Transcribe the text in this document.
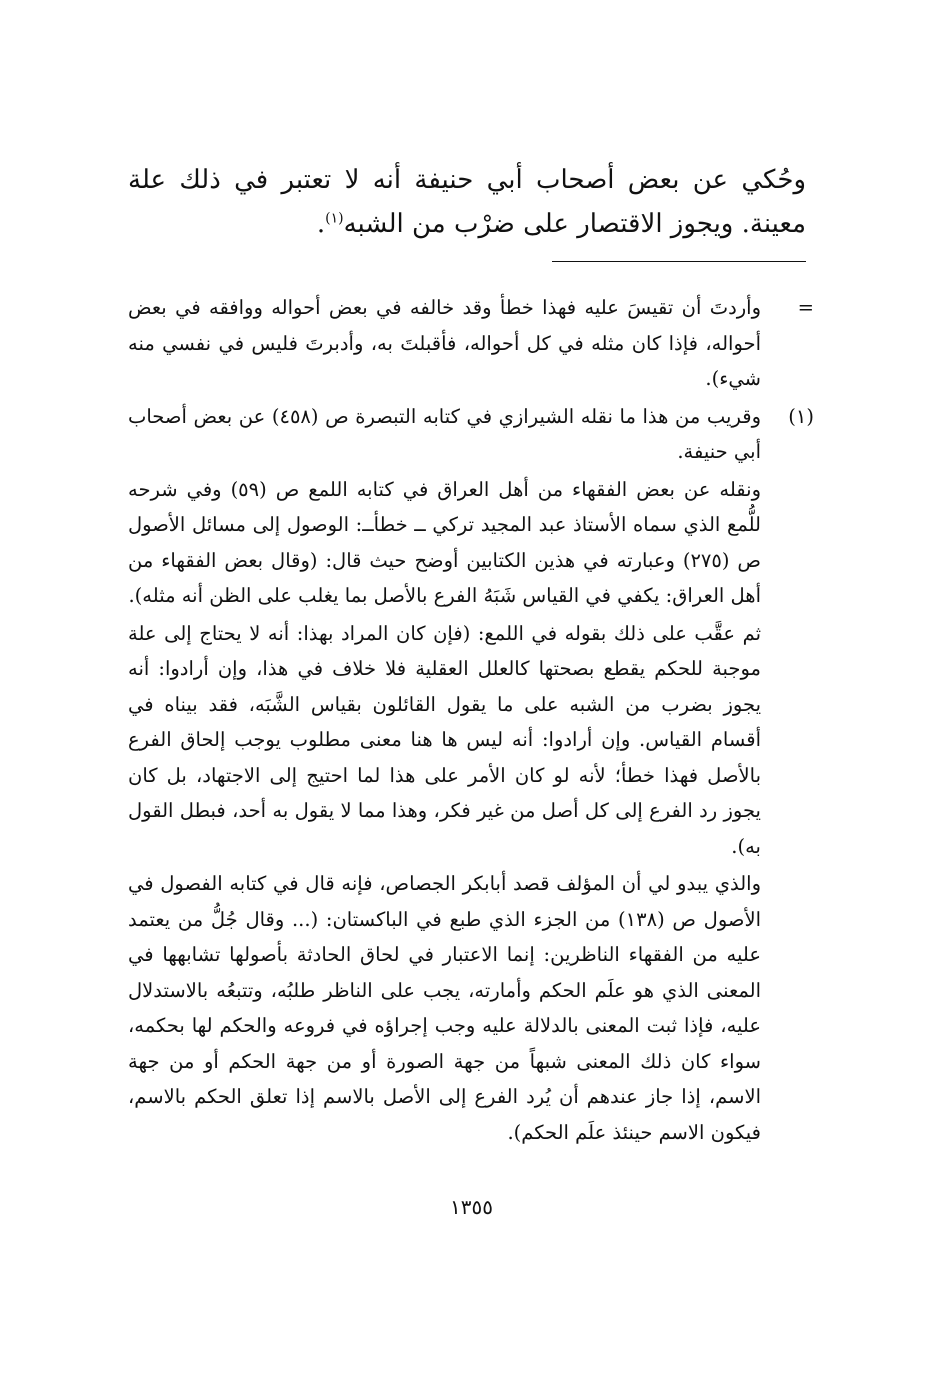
وحُكي عن بعض أصحاب أبي حنيفة أنه لا تعتبر في ذلك علة معينة. ويجوز الاقتصار على ضرْب من الشبه$^{(١)}$.
=

وأردتَ أن تقيسَ عليه فهذا خطأ وقد خالفه في بعض أحواله ووافقه في بعض أحواله، فإذا كان مثله في كل أحواله، فأقبلتَ به، وأدبرتَ فليس في نفسي منه شيء).

(١)

وقريب من هذا ما نقله الشيرازي في كتابه التبصرة ص (٤٥٨) عن بعض أصحاب أبي حنيفة.

ونقله عن بعض الفقهاء من أهل العراق في كتابه اللمع ص (٥٩) وفي شرحه للُّمع الذي سماه الأستاذ عبد المجيد تركي ــ خطأــ: الوصول إلى مسائل الأصول ص (٢٧٥) وعبارته في هذين الكتابين أوضح حيث قال: (وقال بعض الفقهاء من أهل العراق: يكفي في القياس شَبَهُ الفرع بالأصل بما يغلب على الظن أنه مثله).

ثم عقَّب على ذلك بقوله في اللمع: (فإن كان المراد بهذا: أنه لا يحتاج إلى علة موجبة للحكم يقطع بصحتها كالعلل العقلية فلا خلاف في هذا، وإن أرادوا: أنه يجوز بضرب من الشبه على ما يقول القائلون بقياس الشَّبَه، فقد بيناه في أقسام القياس. وإن أرادوا: أنه ليس ها هنا معنى مطلوب يوجب إلحاق الفرع بالأصل فهذا خطأ؛ لأنه لو كان الأمر على هذا لما احتيج إلى الاجتهاد، بل كان يجوز رد الفرع إلى كل أصل من غير فكر، وهذا مما لا يقول به أحد، فبطل القول به).

والذي يبدو لي أن المؤلف قصد أبابكر الجصاص، فإنه قال في كتابه الفصول في الأصول ص (١٣٨) من الجزء الذي طبع في الباكستان: (... وقال جُلُّ من يعتمد عليه من الفقهاء الناظرين: إنما الاعتبار في لحاق الحادثة بأصولها تشابهها في المعنى الذي هو علَم الحكم وأمارته، يجب على الناظر طلبُه، وتتبعُه بالاستدلال عليه، فإذا ثبت المعنى بالدلالة عليه وجب إجراؤه في فروعه والحكم لها بحكمه، سواء كان ذلك المعنى شبهاً من جهة الصورة أو من جهة الحكم أو من جهة الاسم، إذا جاز عندهم أن يُرد الفرع إلى الأصل بالاسم إذا تعلق الحكم بالاسم، فيكون الاسم حينئذ علَم الحكم).

١٣٥٥
